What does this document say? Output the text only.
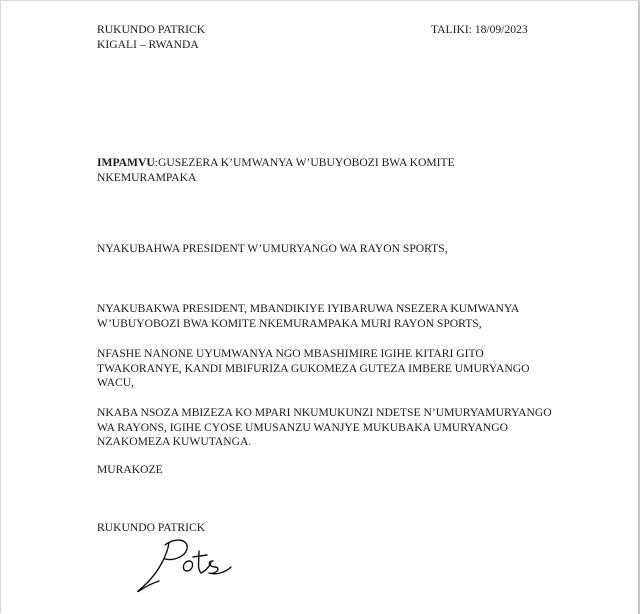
RUKUNDO PATRICK
KIGALI – RWANDA
TALIKI: 18/09/2023
IMPAMVU:GUSEZERA K’UMWANYA W’UBUYOBOZI BWA KOMITE
NKEMURAMPAKA
NYAKUBAHWA PRESIDENT W’UMURYANGO WA RAYON SPORTS,
NYAKUBAKWA PRESIDENT, MBANDIKIYE IYIBARUWA NSEZERA KUMWANYA
W’UBUYOBOZI BWA KOMITE NKEMURAMPAKA MURI RAYON SPORTS,
NFASHE NANONE UYUMWANYA NGO MBASHIMIRE IGIHE KITARI GITO
TWAKORANYE, KANDI MBIFURIZA GUKOMEZA GUTEZA IMBERE UMURYANGO
WACU,
NKABA NSOZA MBIZEZA KO MPARI NKUMUKUNZI NDETSE N’UMURYAMURYANGO
WA RAYONS, IGIHE CYOSE UMUSANZU WANJYE MUKUBAKA UMURYANGO
NZAKOMEZA KUWUTANGA.
MURAKOZE
RUKUNDO PATRICK
